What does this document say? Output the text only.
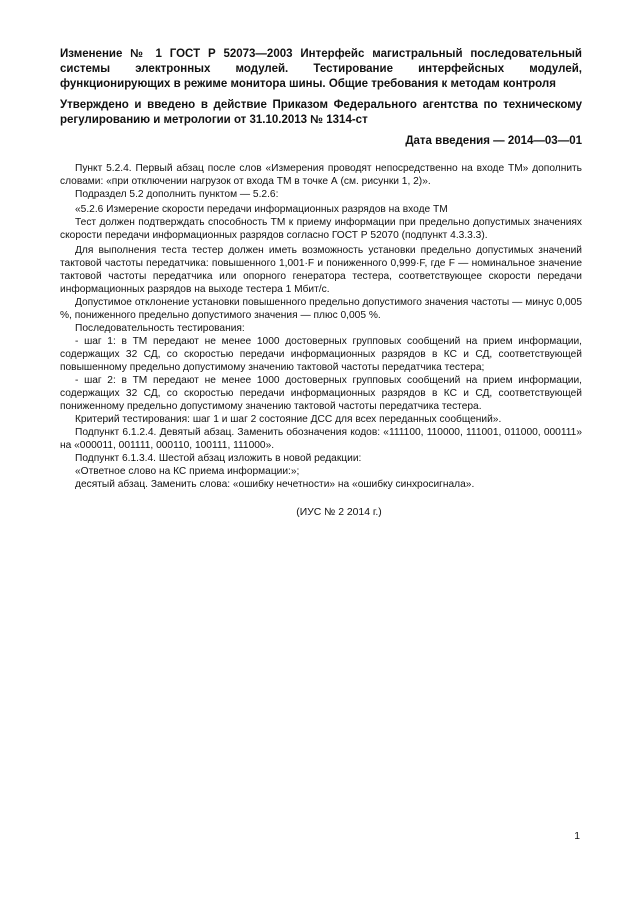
Изменение № 1 ГОСТ Р 52073—2003 Интерфейс магистральный последовательный системы электронных модулей. Тестирование интерфейсных модулей, функционирующих в режиме монитора шины. Общие требования к методам контроля

Утверждено и введено в действие Приказом Федерального агентства по техническому регулированию и метрологии от 31.10.2013 № 1314-ст

Дата введения — 2014—03—01

Пункт 5.2.4. Первый абзац после слов «Измерения проводят непосредственно на входе ТМ» дополнить словами: «при отключении нагрузок от входа ТМ в точке А (см. рисунки 1, 2)».

Подраздел 5.2 дополнить пунктом — 5.2.6:

«5.2.6 Измерение скорости передачи информационных разрядов на входе ТМ

Тест должен подтверждать способность ТМ к приему информации при предельно допустимых значениях скорости передачи информационных разрядов согласно ГОСТ Р 52070 (подпункт 4.3.3.3).

Для выполнения теста тестер должен иметь возможность установки предельно допустимых значений тактовой частоты передатчика: повышенного 1,001·F и пониженного 0,999·F, где F — номинальное значение тактовой частоты передатчика или опорного генератора тестера, соответствующее скорости передачи информационных разрядов на выходе тестера 1 Мбит/с.

Допустимое отклонение установки повышенного предельно допустимого значения частоты — минус 0,005 %, пониженного предельно допустимого значения — плюс 0,005 %.

Последовательность тестирования:

- шаг 1: в ТМ передают не менее 1000 достоверных групповых сообщений на прием информации, содержащих 32 СД, со скоростью передачи информационных разрядов в КС и СД, соответствующей повышенному предельно допустимому значению тактовой частоты передатчика тестера;

- шаг 2: в ТМ передают не менее 1000 достоверных групповых сообщений на прием информации, содержащих 32 СД, со скоростью передачи информационных разрядов в КС и СД, соответствующей пониженному предельно допустимому значению тактовой частоты передатчика тестера.

Критерий тестирования: шаг 1 и шаг 2 состояние ДСС для всех переданных сообщений».

Подпункт 6.1.2.4. Девятый абзац. Заменить обозначения кодов: «111100, 110000, 111001, 011000, 000111» на «000011, 001111, 000110, 100111, 111000».

Подпункт 6.1.3.4. Шестой абзац изложить в новой редакции:

«Ответное слово на КС приема информации:»;

десятый абзац. Заменить слова: «ошибку нечетности» на «ошибку синхросигнала».

(ИУС № 2 2014 г.)
1
